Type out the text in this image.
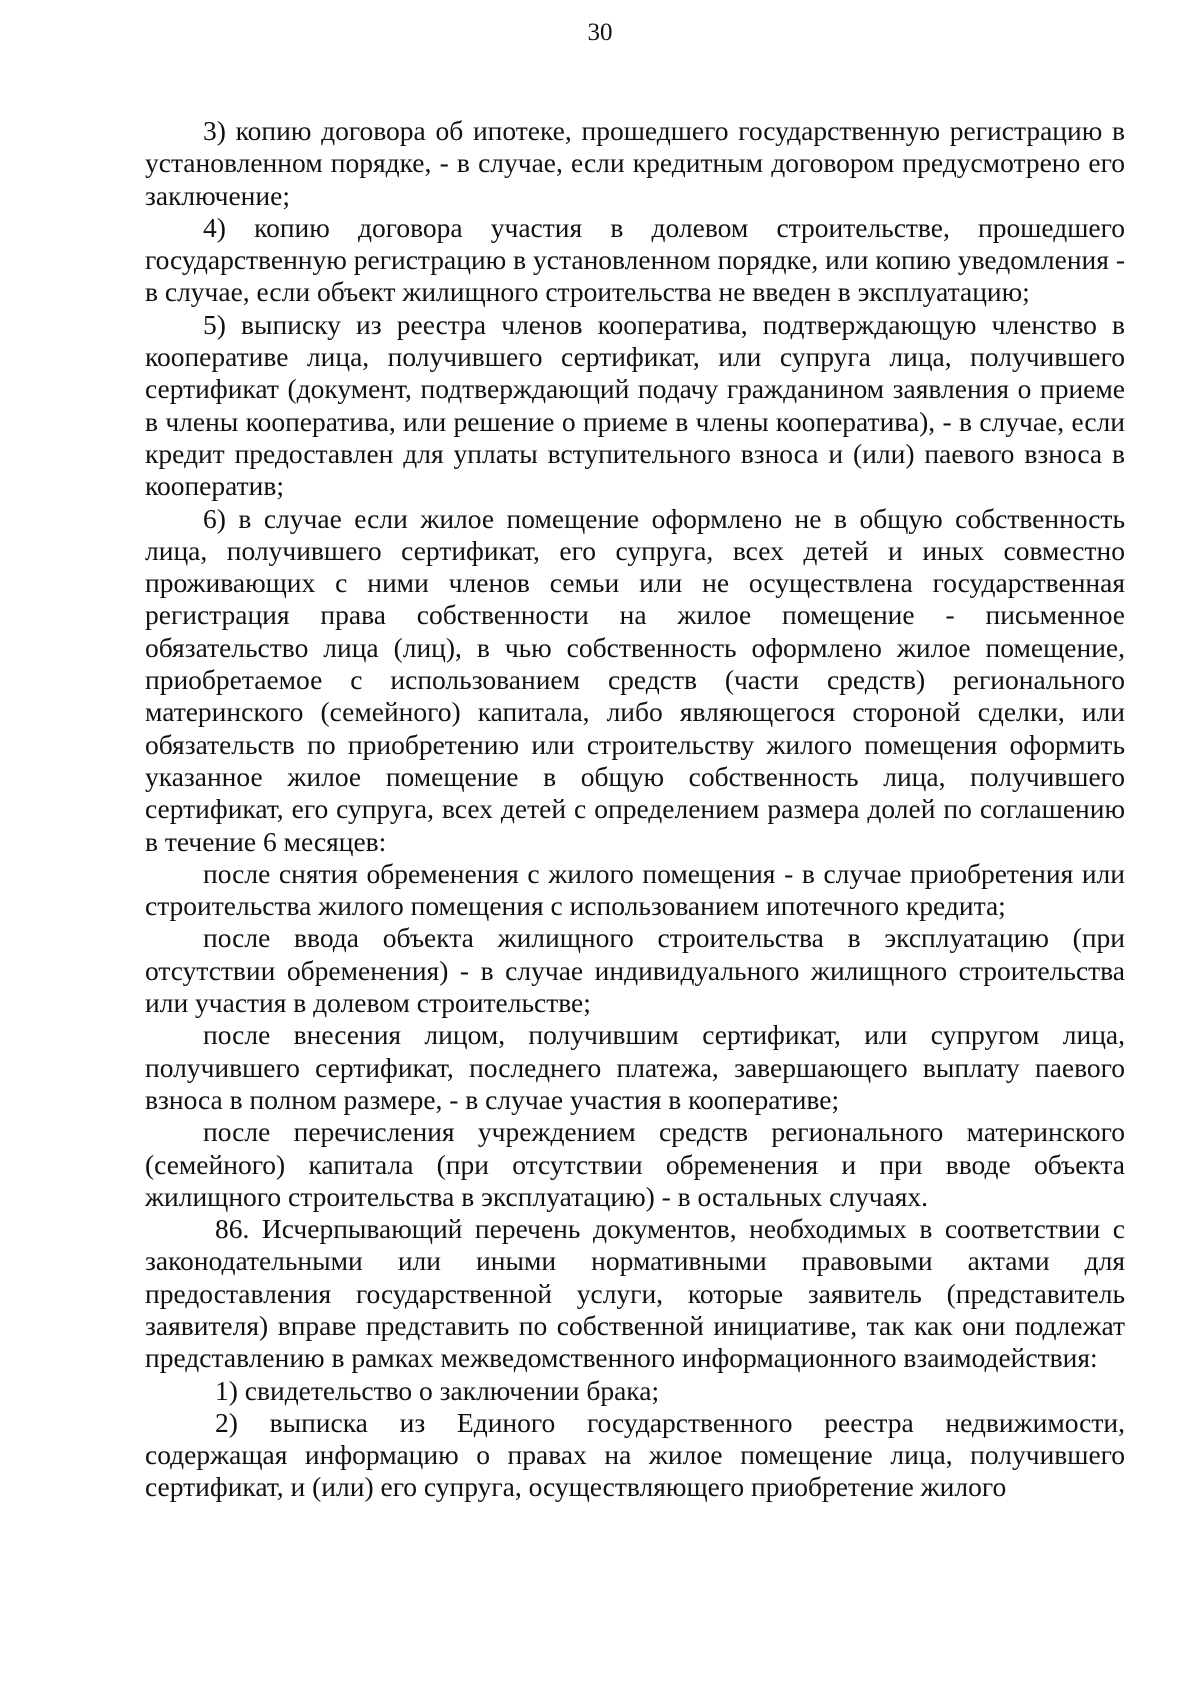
30

3) копию договора об ипотеке, прошедшего государственную регистрацию в установленном порядке, - в случае, если кредитным договором предусмотрено его заключение;

4) копию договора участия в долевом строительстве, прошедшего государственную регистрацию в установленном порядке, или копию уведомления - в случае, если объект жилищного строительства не введен в эксплуатацию;

5) выписку из реестра членов кооператива, подтверждающую членство в кооперативе лица, получившего сертификат, или супруга лица, получившего сертификат (документ, подтверждающий подачу гражданином заявления о приеме в члены кооператива, или решение о приеме в члены кооператива), - в случае, если кредит предоставлен для уплаты вступительного взноса и (или) паевого взноса в кооператив;

6) в случае если жилое помещение оформлено не в общую собственность лица, получившего сертификат, его супруга, всех детей и иных совместно проживающих с ними членов семьи или не осуществлена государственная регистрация права собственности на жилое помещение - письменное обязательство лица (лиц), в чью собственность оформлено жилое помещение, приобретаемое с использованием средств (части средств) регионального материнского (семейного) капитала, либо являющегося стороной сделки, или обязательств по приобретению или строительству жилого помещения оформить указанное жилое помещение в общую собственность лица, получившего сертификат, его супруга, всех детей с определением размера долей по соглашению в течение 6 месяцев:

после снятия обременения с жилого помещения - в случае приобретения или строительства жилого помещения с использованием ипотечного кредита;

после ввода объекта жилищного строительства в эксплуатацию (при отсутствии обременения) - в случае индивидуального жилищного строительства или участия в долевом строительстве;

после внесения лицом, получившим сертификат, или супругом лица, получившего сертификат, последнего платежа, завершающего выплату паевого взноса в полном размере, - в случае участия в кооперативе;

после перечисления учреждением средств регионального материнского (семейного) капитала (при отсутствии обременения и при вводе объекта жилищного строительства в эксплуатацию) - в остальных случаях.

86. Исчерпывающий перечень документов, необходимых в соответствии с законодательными или иными нормативными правовыми актами для предоставления государственной услуги, которые заявитель (представитель заявителя) вправе представить по собственной инициативе, так как они подлежат представлению в рамках межведомственного информационного взаимодействия:

1) свидетельство о заключении брака;

2) выписка из Единого государственного реестра недвижимости, содержащая информацию о правах на жилое помещение лица, получившего сертификат, и (или) его супруга, осуществляющего приобретение жилого
